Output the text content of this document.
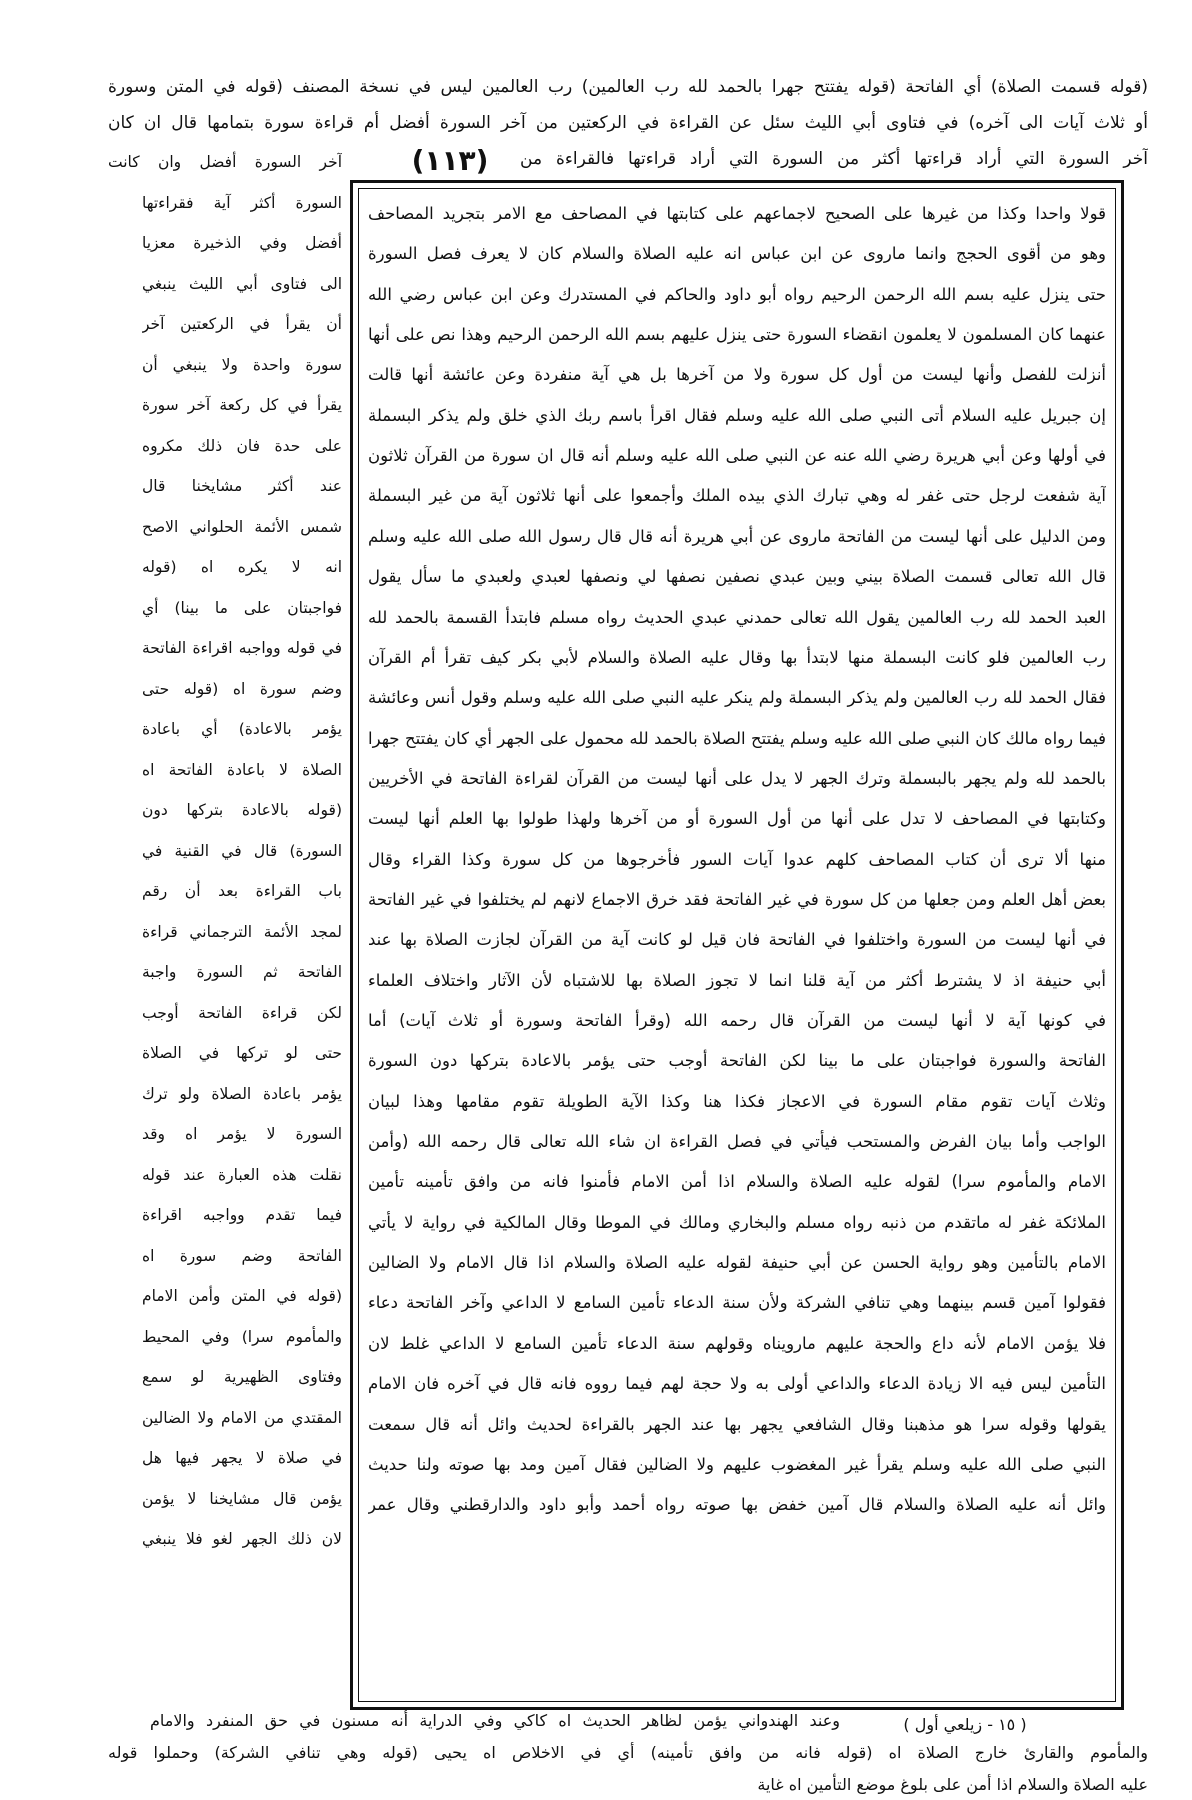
(١١٣)
(قوله قسمت الصلاة) أي الفاتحة (قوله يفتتح جهرا بالحمد لله رب العالمين) رب العالمين ليس في نسخة المصنف (قوله في المتن وسورة
أو ثلاث آيات الى آخره) في فتاوى أبي الليث سئل عن القراءة في الركعتين من آخر السورة أفضل أم قراءة سورة بتمامها قال ان كان
آخر السورة التي أراد قراءتها أكثر من السورة التي أراد قراءتها فالقراءة من
آخر السورة أفضل وان كانت
السورة أكثر آية فقراءتها
أفضل وفي الذخيرة معزيا
الى فتاوى أبي الليث ينبغي
أن يقرأ في الركعتين آخر
سورة واحدة ولا ينبغي أن
يقرأ في كل ركعة آخر سورة
على حدة فان ذلك مكروه
عند أكثر مشايخنا قال
شمس الأئمة الحلواني الاصح
انه لا يكره اه (قوله
فواجبتان على ما بينا) أي
في قوله وواجبه اقراءة الفاتحة
وضم سورة اه (قوله حتى
يؤمر بالاعادة) أي باعادة
الصلاة لا باعادة الفاتحة اه
(قوله بالاعادة بتركها دون
السورة) قال في القنية في
باب القراءة بعد أن رقم
لمجد الأئمة الترجماني قراءة
الفاتحة ثم السورة واجبة
لكن قراءة الفاتحة أوجب
حتى لو تركها في الصلاة
يؤمر باعادة الصلاة ولو ترك
السورة لا يؤمر اه وقد
نقلت هذه العبارة عند قوله
فيما تقدم وواجبه اقراءة
الفاتحة وضم سورة اه
(قوله في المتن وأمن الامام
والمأموم سرا) وفي المحيط
وفتاوى الظهيرية لو سمع
المقتدي من الامام ولا الضالين
في صلاة لا يجهر فيها هل
يؤمن قال مشايخنا لا يؤمن
لان ذلك الجهر لغو فلا ينبغي
قولا واحدا وكذا من غيرها على الصحيح لاجماعهم على كتابتها في المصاحف مع الامر بتجريد المصاحف
وهو من أقوى الحجج وانما ماروى عن ابن عباس انه عليه الصلاة والسلام كان لا يعرف فصل السورة
حتى ينزل عليه بسم الله الرحمن الرحيم رواه أبو داود والحاكم في المستدرك وعن ابن عباس رضي الله
عنهما كان المسلمون لا يعلمون انقضاء السورة حتى ينزل عليهم بسم الله الرحمن الرحيم وهذا نص على أنها
أنزلت للفصل وأنها ليست من أول كل سورة ولا من آخرها بل هي آية منفردة وعن عائشة أنها قالت
إن جبريل عليه السلام أتى النبي صلى الله عليه وسلم فقال اقرأ باسم ربك الذي خلق ولم يذكر البسملة
في أولها وعن أبي هريرة رضي الله عنه عن النبي صلى الله عليه وسلم أنه قال ان سورة من القرآن ثلاثون
آية شفعت لرجل حتى غفر له وهي تبارك الذي بيده الملك وأجمعوا على أنها ثلاثون آية من غير البسملة
ومن الدليل على أنها ليست من الفاتحة ماروى عن أبي هريرة أنه قال قال رسول الله صلى الله عليه وسلم
قال الله تعالى قسمت الصلاة بيني وبين عبدي نصفين نصفها لي ونصفها لعبدي ولعبدي ما سأل يقول
العبد الحمد لله رب العالمين يقول الله تعالى حمدني عبدي الحديث رواه مسلم فابتدأ القسمة بالحمد لله
رب العالمين فلو كانت البسملة منها لابتدأ بها وقال عليه الصلاة والسلام لأبي بكر كيف تقرأ أم القرآن
فقال الحمد لله رب العالمين ولم يذكر البسملة ولم ينكر عليه النبي صلى الله عليه وسلم وقول أنس وعائشة
فيما رواه مالك كان النبي صلى الله عليه وسلم يفتتح الصلاة بالحمد لله محمول على الجهر أي كان يفتتح جهرا
بالحمد لله ولم يجهر بالبسملة وترك الجهر لا يدل على أنها ليست من القرآن لقراءة الفاتحة في الأخريين
وكتابتها في المصاحف لا تدل على أنها من أول السورة أو من آخرها ولهذا طولوا بها العلم أنها ليست
منها ألا ترى أن كتاب المصاحف كلهم عدوا آيات السور فأخرجوها من كل سورة وكذا القراء وقال
بعض أهل العلم ومن جعلها من كل سورة في غير الفاتحة فقد خرق الاجماع لانهم لم يختلفوا في غير الفاتحة
في أنها ليست من السورة واختلفوا في الفاتحة فان قيل لو كانت آية من القرآن لجازت الصلاة بها عند
أبي حنيفة اذ لا يشترط أكثر من آية قلنا انما لا تجوز الصلاة بها للاشتباه لأن الآثار واختلاف العلماء
في كونها آية لا أنها ليست من القرآن قال رحمه الله (وقرأ الفاتحة وسورة أو ثلاث آيات) أما
الفاتحة والسورة فواجبتان على ما بينا لكن الفاتحة أوجب حتى يؤمر بالاعادة بتركها دون السورة
وثلاث آيات تقوم مقام السورة في الاعجاز فكذا هنا وكذا الآية الطويلة تقوم مقامها وهذا لبيان
الواجب وأما بيان الفرض والمستحب فيأتي في فصل القراءة ان شاء الله تعالى قال رحمه الله (وأمن
الامام والمأموم سرا) لقوله عليه الصلاة والسلام اذا أمن الامام فأمنوا فانه من وافق تأمينه تأمين
الملائكة غفر له ماتقدم من ذنبه رواه مسلم والبخاري ومالك في الموطا وقال المالكية في رواية لا يأتي
الامام بالتأمين وهو رواية الحسن عن أبي حنيفة لقوله عليه الصلاة والسلام اذا قال الامام ولا الضالين
فقولوا آمين قسم بينهما وهي تنافي الشركة ولأن سنة الدعاء تأمين السامع لا الداعي وآخر الفاتحة دعاء
فلا يؤمن الامام لأنه داع والحجة عليهم مارويناه وقولهم سنة الدعاء تأمين السامع لا الداعي غلط لان
التأمين ليس فيه الا زيادة الدعاء والداعي أولى به ولا حجة لهم فيما رووه فانه قال في آخره فان الامام
يقولها وقوله سرا هو مذهبنا وقال الشافعي يجهر بها عند الجهر بالقراءة لحديث وائل أنه قال سمعت
النبي صلى الله عليه وسلم يقرأ غير المغضوب عليهم ولا الضالين فقال آمين ومد بها صوته ولنا حديث
وائل أنه عليه الصلاة والسلام قال آمين خفض بها صوته رواه أحمد وأبو داود والدارقطني وقال عمر
( ١٥ - زيلعي أول )
وعند الهندواني يؤمن لظاهر الحديث اه كاكي وفي الدراية أنه مسنون في حق المنفرد والامام
والمأموم والقارئ خارج الصلاة اه (قوله فانه من وافق تأمينه) أي في الاخلاص اه يحيى (قوله وهي تنافي الشركة) وحملوا قوله
عليه الصلاة والسلام اذا أمن على بلوغ موضع التأمين اه غاية
